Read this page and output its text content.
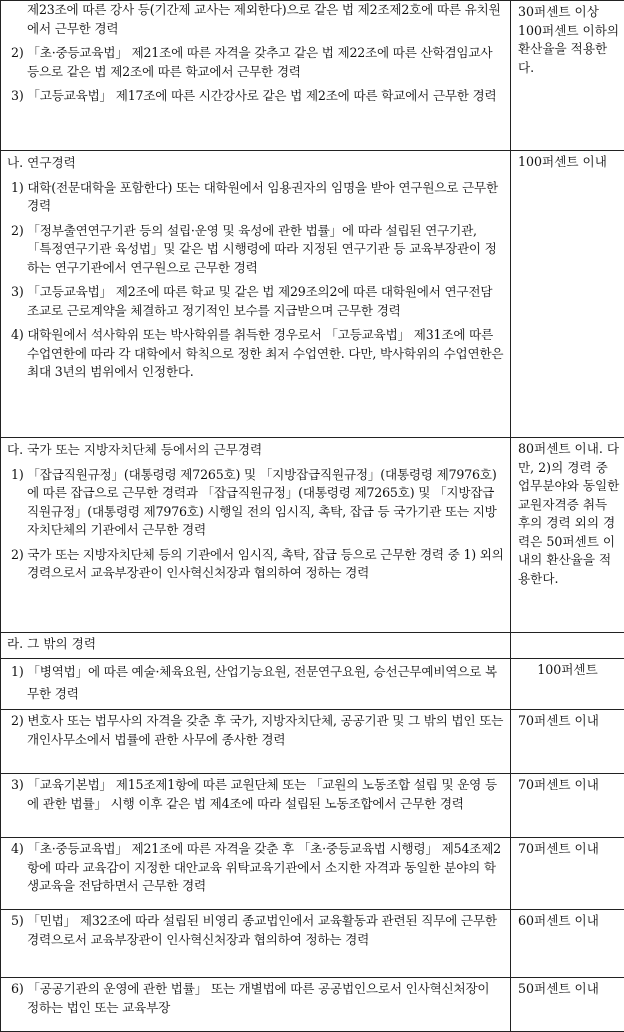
제23조에 따른 강사 등(기간제 교사는 제외한다)으로 같은 법 제2조제2호에 따른 유치원에서 근무한 경력
2) 「초·중등교육법」 제21조에 따른 자격을 갖추고 같은 법 제22조에 따른 산학겸임교사 등으로 같은 법 제2조에 따른 학교에서 근무한 경력
3) 「고등교육법」 제17조에 따른 시간강사로 같은 법 제2조에 따른 학교에서 근무한 경력	30퍼센트 이상 100퍼센트 이하의 환산율을 적용한다.

나. 연구경력
1) 대학(전문대학을 포함한다) 또는 대학원에서 임용권자의 임명을 받아 연구원으로 근무한 경력
2) 「정부출연연구기관 등의 설립·운영 및 육성에 관한 법률」에 따라 설립된 연구기관, 「특정연구기관 육성법」및 같은 법 시행령에 따라 지정된 연구기관 등 교육부장관이 정하는 연구기관에서 연구원으로 근무한 경력
3) 「고등교육법」 제2조에 따른 학교 및 같은 법 제29조의2에 따른 대학원에서 연구전담 조교로 근로계약을 체결하고 정기적인 보수를 지급받으며 근무한 경력
4) 대학원에서 석사학위 또는 박사학위를 취득한 경우로서 「고등교육법」 제31조에 따른 수업연한에 따라 각 대학에서 학칙으로 정한 최저 수업연한. 다만, 박사학위의 수업연한은 최대 3년의 범위에서 인정한다.	100퍼센트 이내

다. 국가 또는 지방자치단체 등에서의 근무경력
1) 「잡급직원규정」(대통령령 제7265호) 및 「지방잡급직원규정」(대통령령 제7976호)에 따른 잡급으로 근무한 경력과 「잡급직원규정」(대통령령 제7265호) 및 「지방잡급직원규정」(대통령령 제7976호) 시행일 전의 임시직, 촉탁, 잡급 등 국가기관 또는 지방자치단체의 기관에서 근무한 경력
2) 국가 또는 지방자치단체 등의 기관에서 임시직, 촉탁, 잡급 등으로 근무한 경력 중 1) 외의 경력으로서 교육부장관이 인사혁신처장과 협의하여 정하는 경력	80퍼센트 이내. 다만, 2)의 경력 중 업무분야와 동일한 교원자격증 취득 후의 경력 외의 경력은 50퍼센트 이내의 환산율을 적용한다.

라. 그 밖의 경력	

1) 「병역법」에 따른 예술·체육요원, 산업기능요원, 전문연구요원, 승선근무예비역으로 복무한 경력	100퍼센트

2) 변호사 또는 법무사의 자격을 갖춘 후 국가, 지방자치단체, 공공기관 및 그 밖의 법인 또는 개인사무소에서 법률에 관한 사무에 종사한 경력	70퍼센트 이내

3) 「교육기본법」 제15조제1항에 따른 교원단체 또는 「교원의 노동조합 설립 및 운영 등에 관한 법률」 시행 이후 같은 법 제4조에 따라 설립된 노동조합에서 근무한 경력	70퍼센트 이내

4) 「초·중등교육법」 제21조에 따른 자격을 갖춘 후 「초·중등교육법 시행령」 제54조제2항에 따라 교육감이 지정한 대안교육 위탁교육기관에서 소지한 자격과 동일한 분야의 학생교육을 전담하면서 근무한 경력	70퍼센트 이내

5) 「민법」 제32조에 따라 설립된 비영리 종교법인에서 교육활동과 관련된 직무에 근무한 경력으로서 교육부장관이 인사혁신처장과 협의하여 정하는 경력	60퍼센트 이내

6) 「공공기관의 운영에 관한 법률」 또는 개별법에 따른 공공법인으로서 인사혁신처장이 정하는 법인 또는 교육부장	50퍼센트 이내
